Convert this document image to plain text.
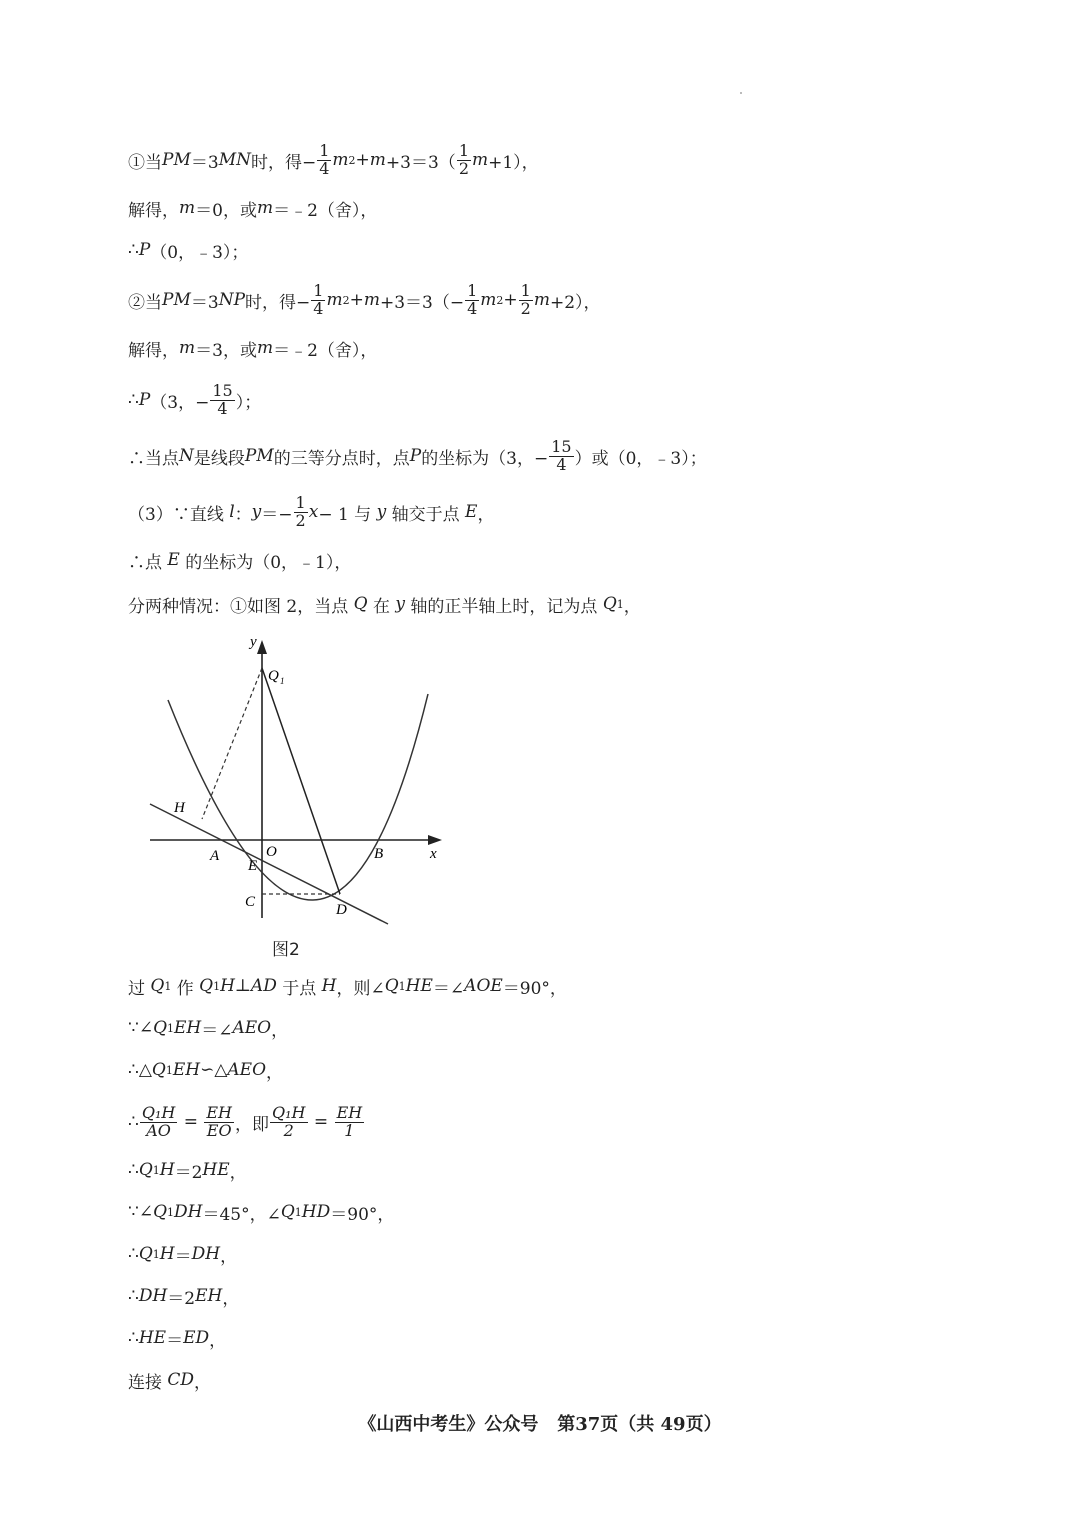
①当 PM ＝3 MN 时，得− $\frac{1}{4}$ m $2 + m +3=3( \frac{1}{2}$ m +1），
解得， m ＝0，或 m ＝﹣2（舍），
∴ P （0，﹣3）；
②当 PM ＝3 NP 时，得− $\frac{1}{4}$ m $2 + m +3=3(- \frac{1}{4}$ m $2 + \frac{1}{2}$ m +2），
解得， m ＝3，或 m ＝﹣2（舍），
∴ P （3，− $\frac{15}{4}$ ）；
∴当点 N 是线段 PM 的三等分点时，点 P 的坐标为（3，− $\frac{15}{4}$ ）或（0，﹣3）；
（3）∵直线
l ： $y =- \frac{1}{2}$ x − 1 与
y
轴交于点
E ，
∴点
E
的坐标为（0，﹣1），
分两种情况：①如图 2，当点
Q
在
y
轴的正半轴上时，记为点
Q 1 ，
y
x
Q 1
H
A	O
E
B
C	D
图2
过
Q 1
作
Q 1 H ⊥ AD
于点
H ，则∠ Q 1 HE ＝∠ AOE ＝90°，
∵∠ Q 1 EH ＝∠ AEO ，
∴△ Q 1 EH ∽△ AEO ，
∴ $\frac{\text{Q₁H}}{AO} = \frac{EH}{EO}$ ，即 $\frac{\text{Q₁H}}{2} = \frac{EH}{1}$
∴ Q 1 H ＝2 HE ，
∵∠ Q 1 DH ＝45°，∠ Q 1 HD ＝90°，
∴ Q 1 H ＝ DH ，
∴ DH ＝2 EH ，
∴ HE ＝ ED ，
连接
CD ，
《山西中考生》公众号   第37页（共 49页）
